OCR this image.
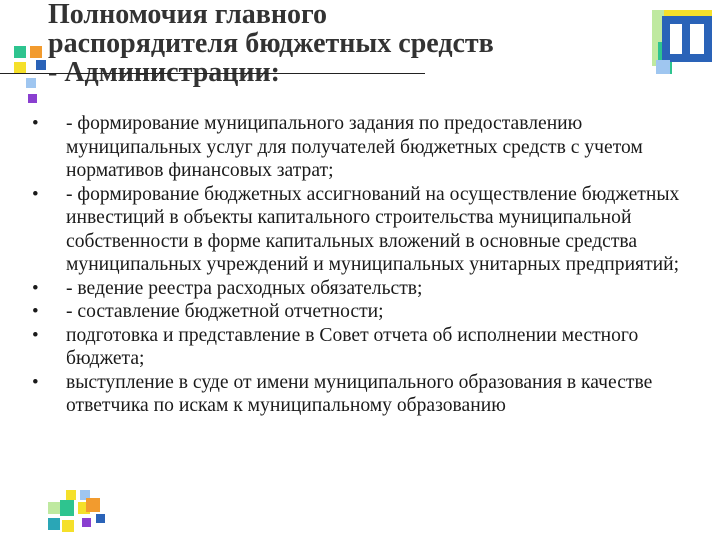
Полномочия главного
распорядителя бюджетных средств
- Администрации:
•	- формирование муниципального задания по предоставлению муниципальных услуг для получателей бюджетных средств с учетом нормативов финансовых затрат;
•	- формирование бюджетных ассигнований на осуществление бюджетных инвестиций в объекты капитального строительства муниципальной собственности в форме капитальных вложений в основные средства муниципальных учреждений и муниципальных унитарных предприятий;
•	- ведение реестра расходных обязательств;
•	- составление бюджетной отчетности;
•	подготовка и представление в Совет отчета об исполнении местного бюджета;
•	выступление в суде от имени муниципального образования в качестве ответчика по искам к муниципальному образованию
